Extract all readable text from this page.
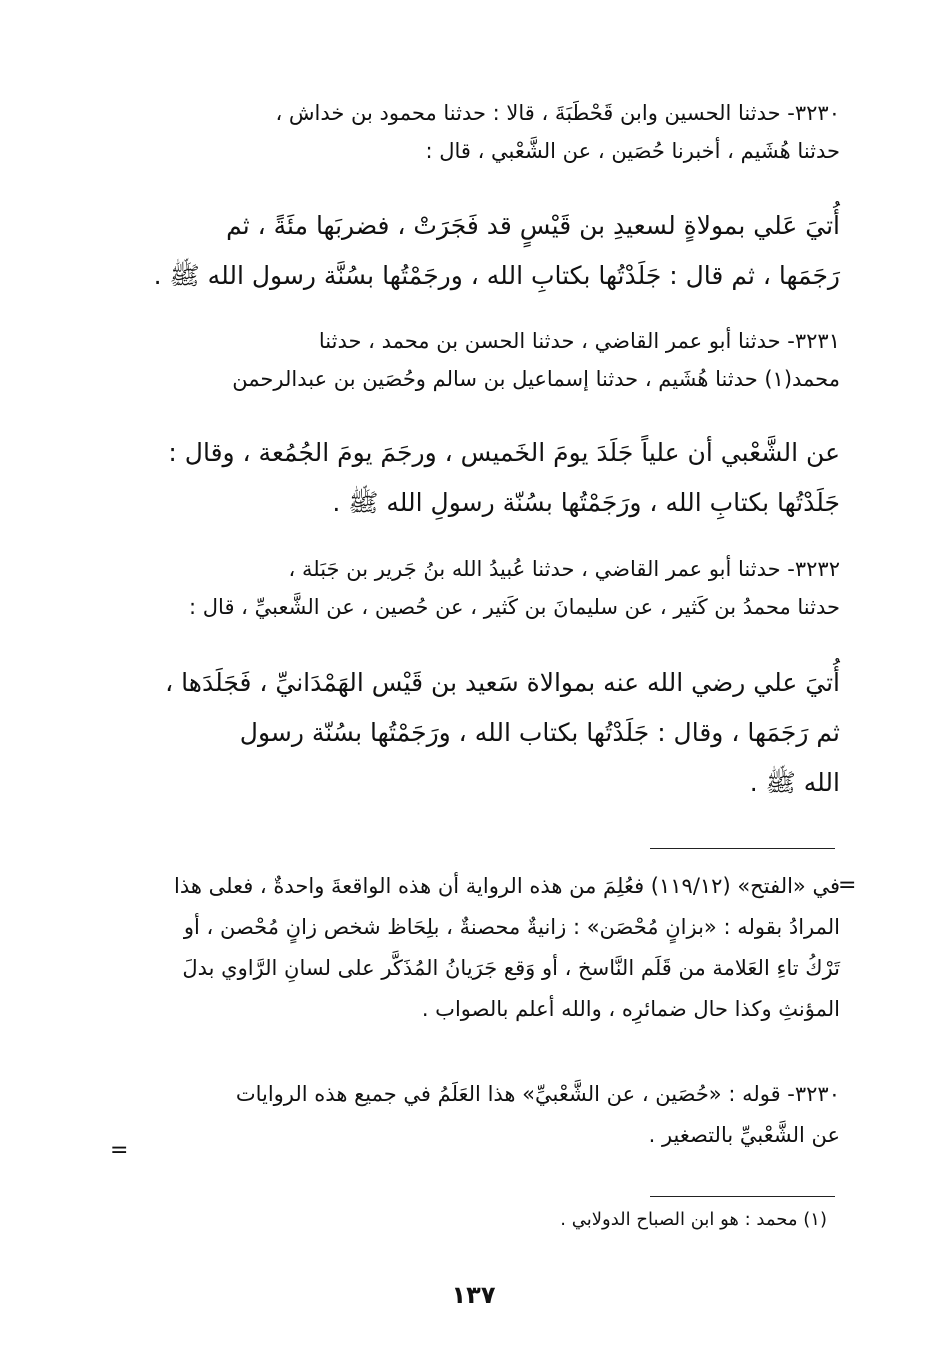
٣٢٣٠- حدثنا الحسين وابن قَحْطَبَةَ ، قالا : حدثنا محمود بن خداش ،
حدثنا هُشَيم ، أخبرنا حُصَين ، عن الشَّعْبي ، قال :
أُتيَ عَلي بمولاةٍ لسعيدِ بن قَيْسٍ قد فَجَرَتْ ، فضربَها مئَةً ، ثم
رَجَمَها ، ثم قال : جَلَدْتُها بكتابِ الله ، ورجَمْتُها بسُنَّة رسول الله ﷺ .
٣٢٣١- حدثنا أبو عمر القاضي ، حدثنا الحسن بن محمد ، حدثنا
محمد(١) حدثنا هُشَيم ، حدثنا إسماعيل بن سالم وحُصَين بن عبدالرحمن
عن الشَّعْبي أن علياً جَلَدَ يومَ الخَميس ، ورجَمَ يومَ الجُمُعة ، وقال :
جَلَدْتُها بكتابِ الله ، ورَجَمْتُها بسُنّة رسولِ الله ﷺ .
٣٢٣٢- حدثنا أبو عمر القاضي ، حدثنا عُبيدُ الله بنُ جَرير بن جَبَلة ،
حدثنا محمدُ بن كَثير ، عن سليمانَ بن كَثير ، عن حُصين ، عن الشَّعبيِّ ، قال :
أُتيَ علي رضي الله عنه بموالاة سَعيد بن قَيْس الهَمْدَانيِّ ، فَجَلَدَها ،
ثم رَجَمَها ، وقال : جَلَدْتُها بكتاب الله ، ورَجَمْتُها بسُنّة رسول
الله ﷺ .
=
في «الفتح» (١١٩/١٢) فعُلِمَ من هذه الرواية أن هذه الواقعةَ واحدةٌ ، فعلى هذا
المرادُ بقوله : «بزانٍ مُحْصَن» : زانيةٌ محصنةٌ ، بلِحَاظ شخص زانٍ مُحْصن ، أو
تَرْكُ تاءِ العَلامة من قَلَم النَّاسخ ، أو وَقع جَرَيانُ المُذَكَّر على لسانِ الرَّاوي بدلَ
المؤنثِ وكذا حال ضمائرِه ، والله أعلم بالصواب .
٣٢٣٠- قوله : «حُصَين ، عن الشَّعْبيِّ» هذا العَلَمُ في جميع هذه الروايات
عن الشَّعْبيِّ بالتصغير .
=
(١) محمد : هو ابن الصباح الدولابي .
١٣٧
